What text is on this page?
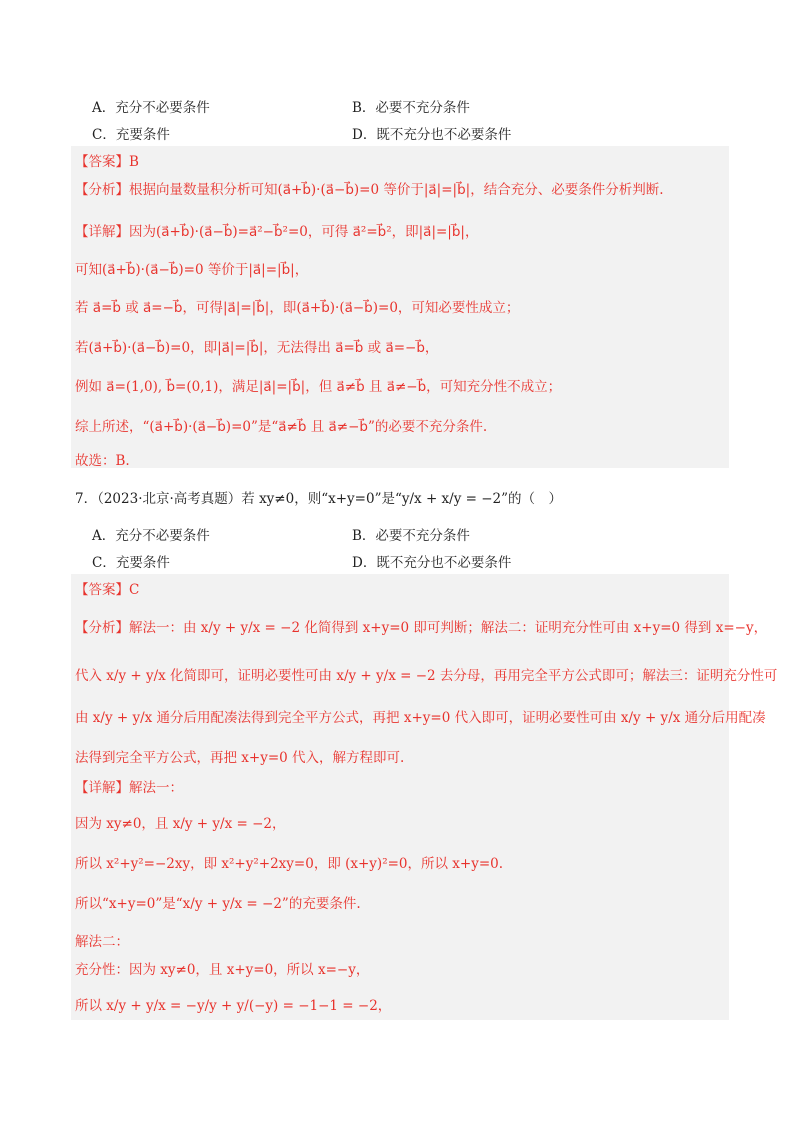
A．充分不必要条件	B．必要不充分条件
C．充要条件	D．既不充分也不必要条件
【答案】B
【分析】根据向量数量积分析可知(a⃗+b⃗)·(a⃗−b⃗)=0 等价于|a⃗|=|b⃗|，结合充分、必要条件分析判断.
【详解】因为(a⃗+b⃗)·(a⃗−b⃗)=a⃗²−b⃗²=0，可得 a⃗²=b⃗²，即|a⃗|=|b⃗|，
可知(a⃗+b⃗)·(a⃗−b⃗)=0 等价于|a⃗|=|b⃗|，
若 a⃗=b⃗ 或 a⃗=−b⃗，可得|a⃗|=|b⃗|，即(a⃗+b⃗)·(a⃗−b⃗)=0，可知必要性成立；
若(a⃗+b⃗)·(a⃗−b⃗)=0，即|a⃗|=|b⃗|，无法得出 a⃗=b⃗ 或 a⃗=−b⃗，
例如 a⃗=(1,0), b⃗=(0,1)，满足|a⃗|=|b⃗|，但 a⃗≠b⃗ 且 a⃗≠−b⃗，可知充分性不成立；
综上所述，“(a⃗+b⃗)·(a⃗−b⃗)=0”是“a⃗≠b⃗ 且 a⃗≠−b⃗”的必要不充分条件.
故选：B.
7．（2023·北京·高考真题）若 xy≠0，则“x+y=0”是“y/x + x/y = −2”的（　）
A．充分不必要条件	B．必要不充分条件
C．充要条件	D．既不充分也不必要条件
【答案】C
【分析】解法一：由 x/y + y/x = −2 化简得到 x+y=0 即可判断；解法二：证明充分性可由 x+y=0 得到 x=−y，
代入 x/y + y/x 化简即可，证明必要性可由 x/y + y/x = −2 去分母，再用完全平方公式即可；解法三：证明充分性可
由 x/y + y/x 通分后用配凑法得到完全平方公式，再把 x+y=0 代入即可，证明必要性可由 x/y + y/x 通分后用配凑
法得到完全平方公式，再把 x+y=0 代入，解方程即可.
【详解】解法一：
因为 xy≠0，且 x/y + y/x = −2，
所以 x²+y²=−2xy，即 x²+y²+2xy=0，即 (x+y)²=0，所以 x+y=0.
所以“x+y=0”是“x/y + y/x = −2”的充要条件.
解法二：
充分性：因为 xy≠0，且 x+y=0，所以 x=−y，
所以 x/y + y/x = −y/y + y/(−y) = −1−1 = −2，
